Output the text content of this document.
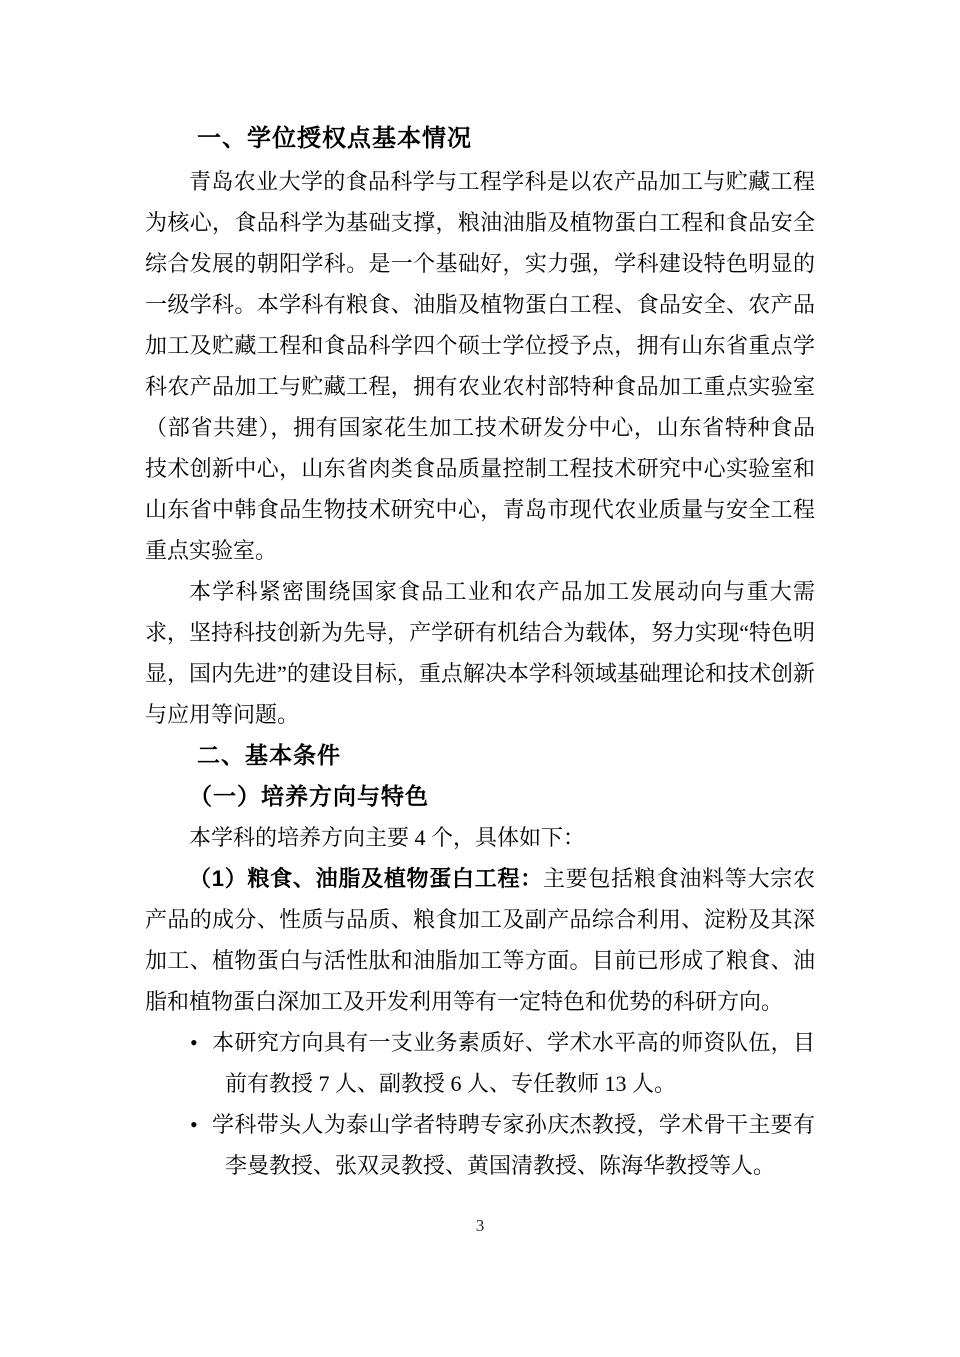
一、学位授权点基本情况

青岛农业大学的食品科学与工程学科是以农产品加工与贮藏工程为核心，食品科学为基础支撑，粮油油脂及植物蛋白工程和食品安全综合发展的朝阳学科。是一个基础好，实力强，学科建设特色明显的一级学科。本学科有粮食、油脂及植物蛋白工程、食品安全、农产品加工及贮藏工程和食品科学四个硕士学位授予点，拥有山东省重点学科农产品加工与贮藏工程，拥有农业农村部特种食品加工重点实验室（部省共建），拥有国家花生加工技术研发分中心，山东省特种食品技术创新中心，山东省肉类食品质量控制工程技术研究中心实验室和山东省中韩食品生物技术研究中心，青岛市现代农业质量与安全工程重点实验室。

本学科紧密围绕国家食品工业和农产品加工发展动向与重大需求，坚持科技创新为先导，产学研有机结合为载体，努力实现“特色明显，国内先进”的建设目标，重点解决本学科领域基础理论和技术创新与应用等问题。

二、基本条件
（一）培养方向与特色

本学科的培养方向主要 4 个，具体如下：

（1）粮食、油脂及植物蛋白工程：主要包括粮食油料等大宗农产品的成分、性质与品质、粮食加工及副产品综合利用、淀粉及其深加工、植物蛋白与活性肽和油脂加工等方面。目前已形成了粮食、油脂和植物蛋白深加工及开发利用等有一定特色和优势的科研方向。

• 本研究方向具有一支业务素质好、学术水平高的师资队伍，目前有教授 7 人、副教授 6 人、专任教师 13 人。
• 学科带头人为泰山学者特聘专家孙庆杰教授，学术骨干主要有李曼教授、张双灵教授、黄国清教授、陈海华教授等人。
3
